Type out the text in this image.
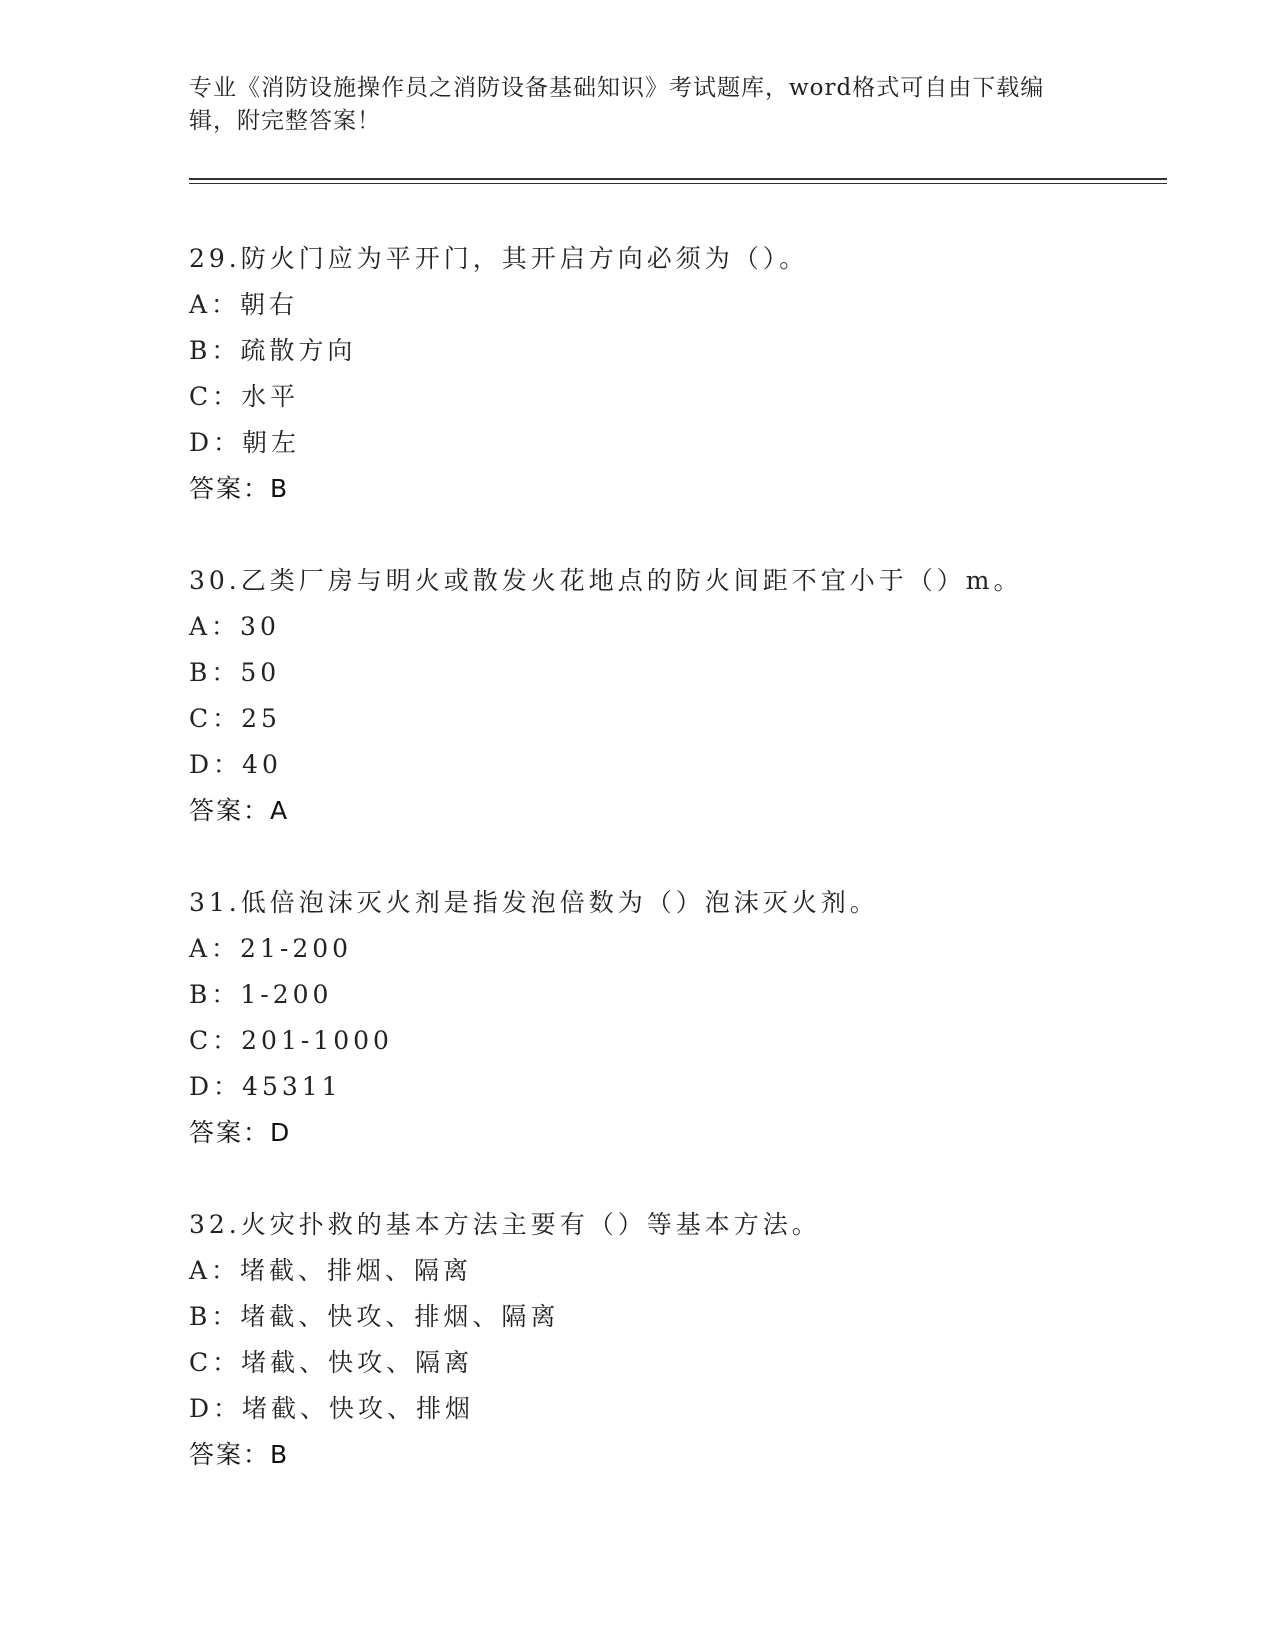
专业《消防设施操作员之消防设备基础知识》考试题库，word格式可自由下载编
辑，附完整答案！
29.防火门应为平开门，其开启方向必须为（）。
A：朝右
B：疏散方向
C：水平
D：朝左
答案：B
30.乙类厂房与明火或散发火花地点的防火间距不宜小于（）m。
A：30
B：50
C：25
D：40
答案：A
31.低倍泡沫灭火剂是指发泡倍数为（）泡沫灭火剂。
A：21-200
B：1-200
C：201-1000
D：45311
答案：D
32.火灾扑救的基本方法主要有（）等基本方法。
A：堵截、排烟、隔离
B：堵截、快攻、排烟、隔离
C：堵截、快攻、隔离
D：堵截、快攻、排烟
答案：B
